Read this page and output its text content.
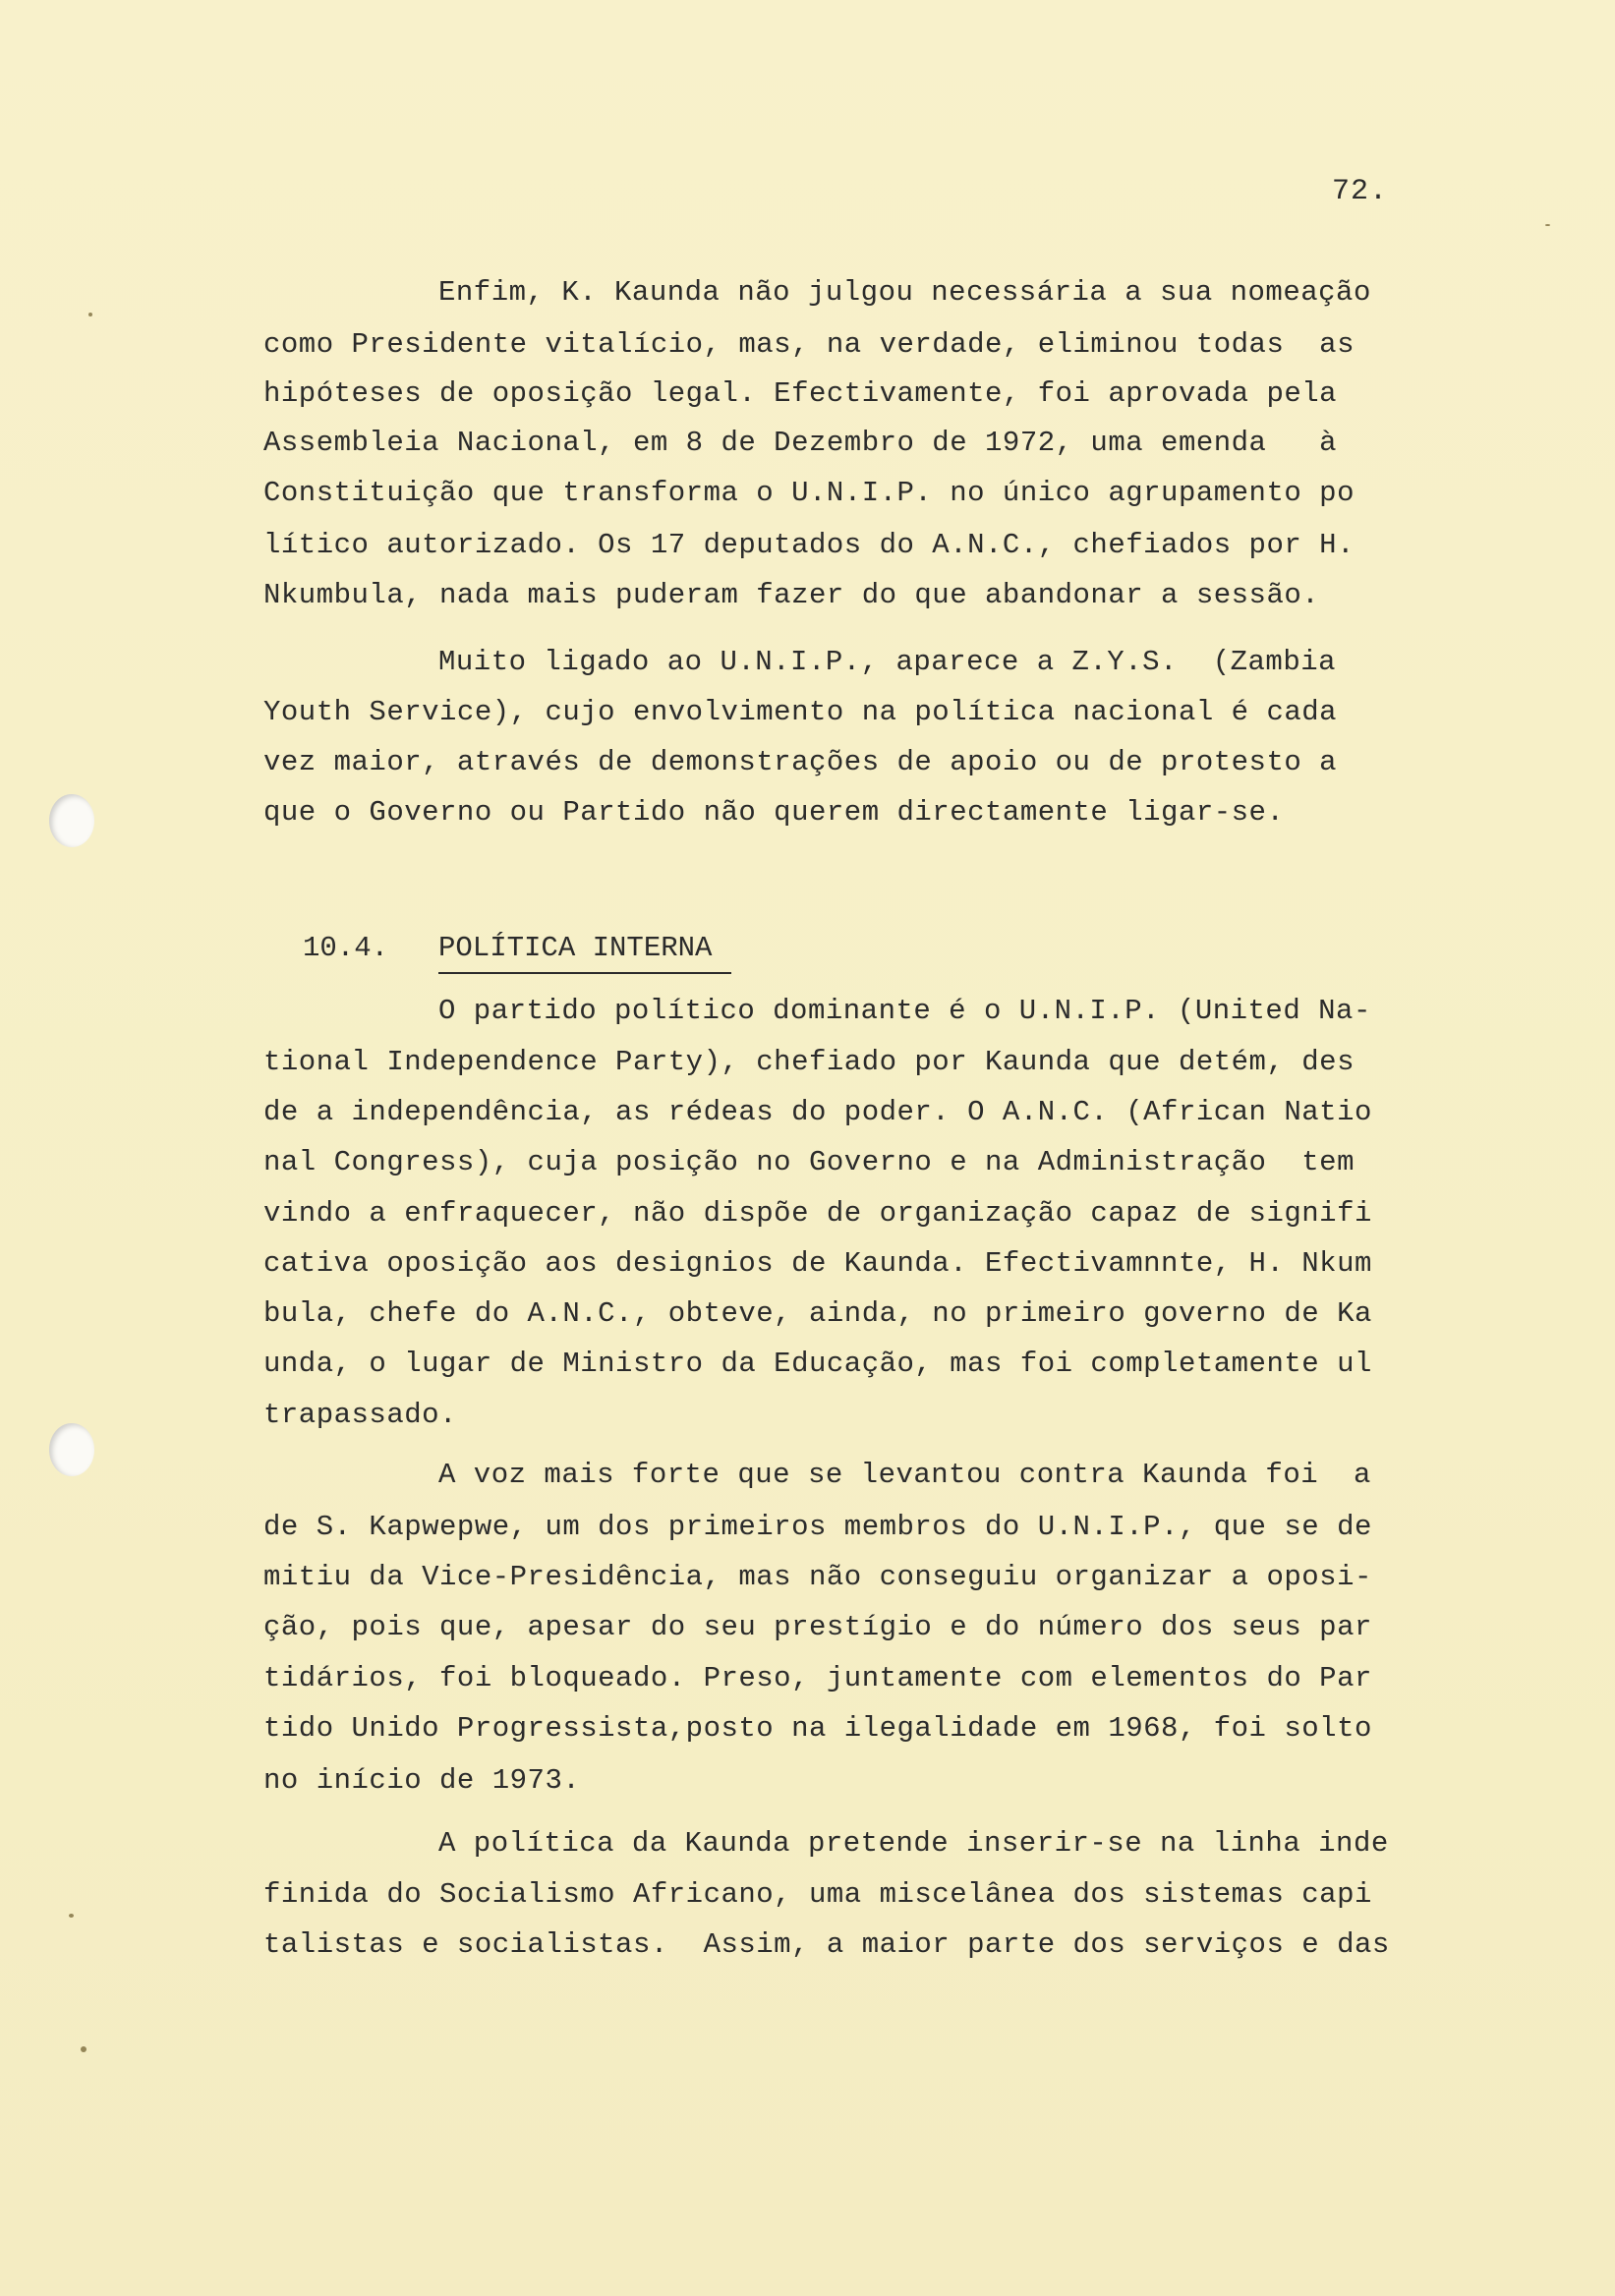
72.
Enfim, K. Kaunda não julgou necessária a sua nomeação
como Presidente vitalício, mas, na verdade, eliminou todas  as
hipóteses de oposição legal. Efectivamente, foi aprovada pela
Assembleia Nacional, em 8 de Dezembro de 1972, uma emenda   à
Constituição que transforma o U.N.I.P. no único agrupamento po
lítico autorizado. Os 17 deputados do A.N.C., chefiados por H.
Nkumbula, nada mais puderam fazer do que abandonar a sessão.
Muito ligado ao U.N.I.P., aparece a Z.Y.S.  (Zambia
Youth Service), cujo envolvimento na política nacional é cada
vez maior, através de demonstrações de apoio ou de protesto a
que o Governo ou Partido não querem directamente ligar-se.
10.4. POLÍTICA INTERNA
O partido político dominante é o U.N.I.P. (United Na-
tional Independence Party), chefiado por Kaunda que detém, des
de a independência, as rédeas do poder. O A.N.C. (African Natio
nal Congress), cuja posição no Governo e na Administração  tem
vindo a enfraquecer, não dispõe de organização capaz de signifi
cativa oposição aos designios de Kaunda. Efectivamnnte, H. Nkum
bula, chefe do A.N.C., obteve, ainda, no primeiro governo de Ka
unda, o lugar de Ministro da Educação, mas foi completamente ul
trapassado.
A voz mais forte que se levantou contra Kaunda foi  a
de S. Kapwepwe, um dos primeiros membros do U.N.I.P., que se de
mitiu da Vice-Presidência, mas não conseguiu organizar a oposi-
ção, pois que, apesar do seu prestígio e do número dos seus par
tidários, foi bloqueado. Preso, juntamente com elementos do Par
tido Unido Progressista,posto na ilegalidade em 1968, foi solto
no início de 1973.
A política da Kaunda pretende inserir-se na linha inde
finida do Socialismo Africano, uma miscelânea dos sistemas capi
talistas e socialistas.  Assim, a maior parte dos serviços e das
